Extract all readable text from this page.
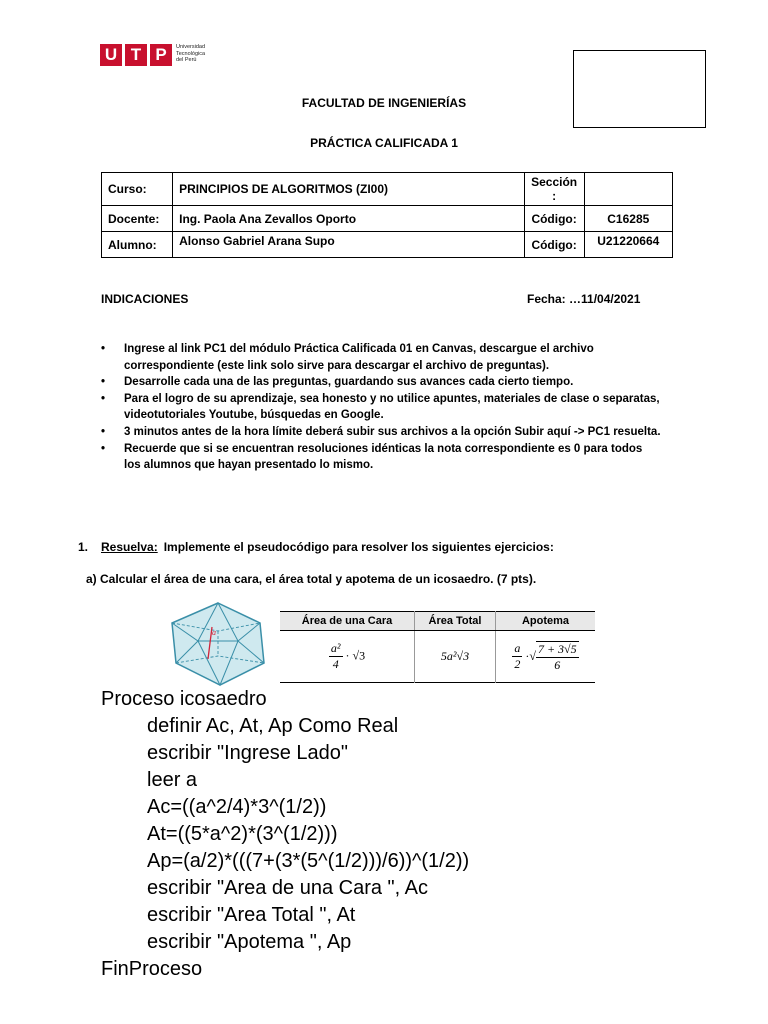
U T P	Universidad
Tecnológica
del Perú
FACULTAD DE INGENIERÍAS
PRÁCTICA CALIFICADA 1
Curso:	PRINCIPIOS DE ALGORITMOS (ZI00)	Sección :	
Docente:	Ing. Paola Ana Zevallos Oporto	Código:	C16285
Alumno:	Alonso Gabriel Arana Supo	Código:	U21220664
INDICACIONES	Fecha: …11/04/2021
• Ingrese al link PC1 del módulo Práctica Calificada 01 en Canvas, descargue el archivo correspondiente (este link solo sirve para descargar el archivo de preguntas).
• Desarrolle cada una de las preguntas, guardando sus avances cada cierto tiempo.
• Para el logro de su aprendizaje, sea honesto y no utilice apuntes, materiales de clase o separatas, videotutoriales Youtube, búsquedas en Google.
• 3 minutos antes de la hora límite deberá subir sus archivos a la opción Subir aquí -> PC1 resuelta.
• Recuerde que si se encuentran resoluciones idénticas la nota correspondiente es 0 para todos los alumnos que hayan presentado lo mismo.
1. Resuelva: Implemente el pseudocódigo para resolver los siguientes ejercicios:
a) Calcular el área de una cara, el área total y apotema de un icosaedro. (7 pts).
a
Área de una Cara	Área Total	Apotema

$\frac{\text{a²}}{4} \cdot √3$	5a²√3	$\frac{a}{2}$ ·√ $\frac{7 + 3√5}{6}$
Proceso icosaedro
definir Ac, At, Ap Como Real
escribir "Ingrese Lado"
leer a
Ac=((a^2/4)*3^(1/2))
At=((5*a^2)*(3^(1/2)))
Ap=(a/2)*(((7+(3*(5^(1/2)))/6))^(1/2))
escribir "Area de una Cara ", Ac
escribir "Area Total ", At
escribir "Apotema ", Ap
FinProceso
